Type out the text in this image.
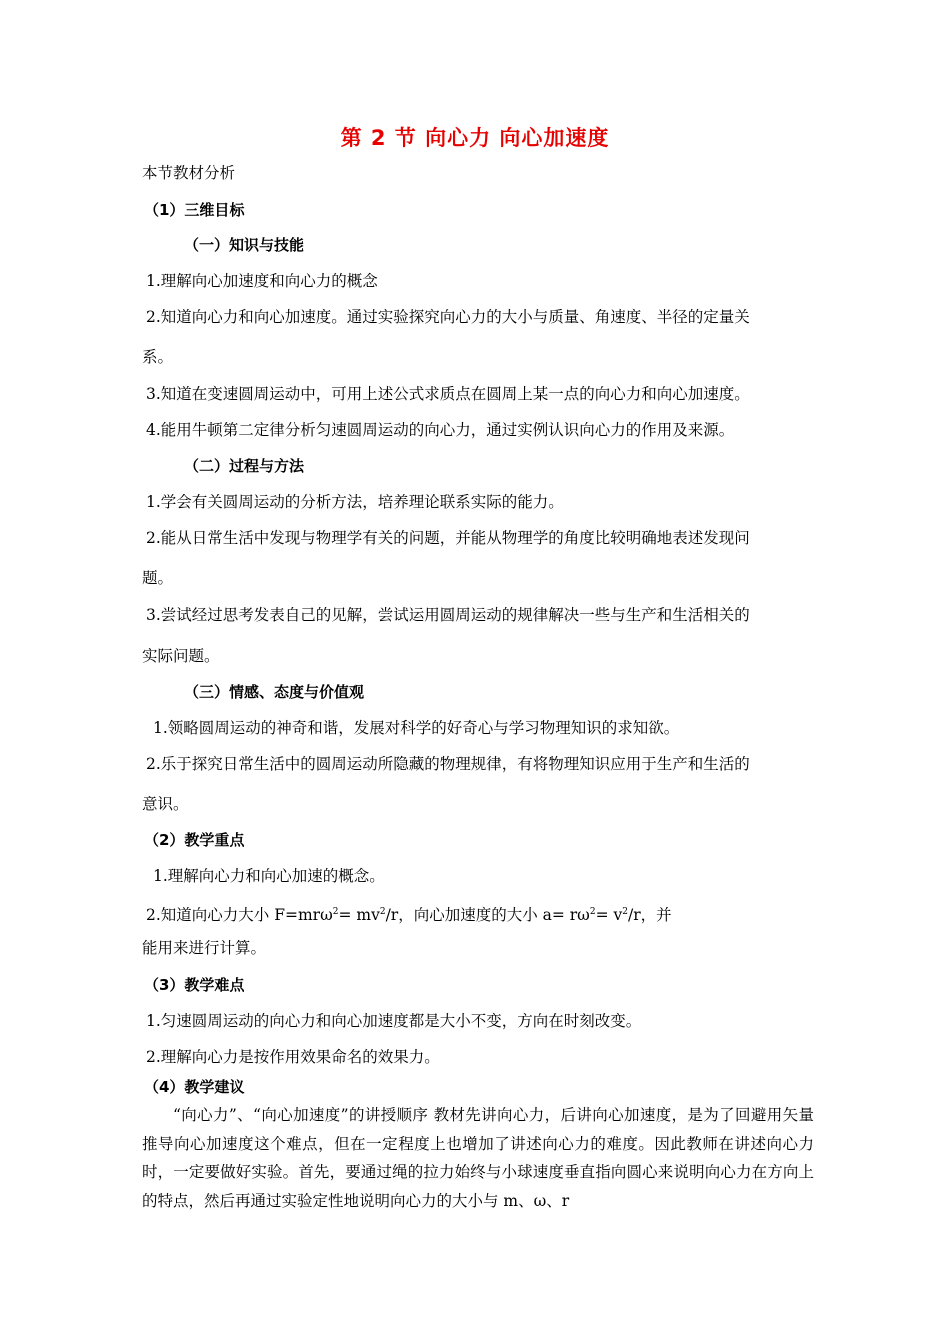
第 2 节 向心力 向心加速度
本节教材分析
（1）三维目标
（一）知识与技能
1.理解向心加速度和向心力的概念
2.知道向心力和向心加速度。通过实验探究向心力的大小与质量、角速度、半径的定量关
系。
3.知道在变速圆周运动中，可用上述公式求质点在圆周上某一点的向心力和向心加速度。
4.能用牛顿第二定律分析匀速圆周运动的向心力，通过实例认识向心力的作用及来源。
（二）过程与方法
1.学会有关圆周运动的分析方法，培养理论联系实际的能力。
2.能从日常生活中发现与物理学有关的问题，并能从物理学的角度比较明确地表述发现问
题。
3.尝试经过思考发表自己的见解，尝试运用圆周运动的规律解决一些与生产和生活相关的
实际问题。
（三）情感、态度与价值观
1.领略圆周运动的神奇和谐，发展对科学的好奇心与学习物理知识的求知欲。
2.乐于探究日常生活中的圆周运动所隐藏的物理规律，有将物理知识应用于生产和生活的
意识。
（2）教学重点
1.理解向心力和向心加速的概念。
2.知道向心力大小 $F=mr\omega^2= mv^2/r$，向心加速度的大小 $a= r\omega^2= v^2/r$，并
能用来进行计算。
（3）教学难点
1.匀速圆周运动的向心力和向心加速度都是大小不变，方向在时刻改变。
2.理解向心力是按作用效果命名的效果力。
（4）教学建议
“向心力”、“向心加速度”的讲授顺序 教材先讲向心力，后讲向心加速度，是为了回避用矢量推导向心加速度这个难点，但在一定程度上也增加了讲述向心力的难度。因此教师在讲述向心力时，一定要做好实验。首先，要通过绳的拉力始终与小球速度垂直指向圆心来说明向心力在方向上的特点，然后再通过实验定性地说明向心力的大小与 m、ω、r
